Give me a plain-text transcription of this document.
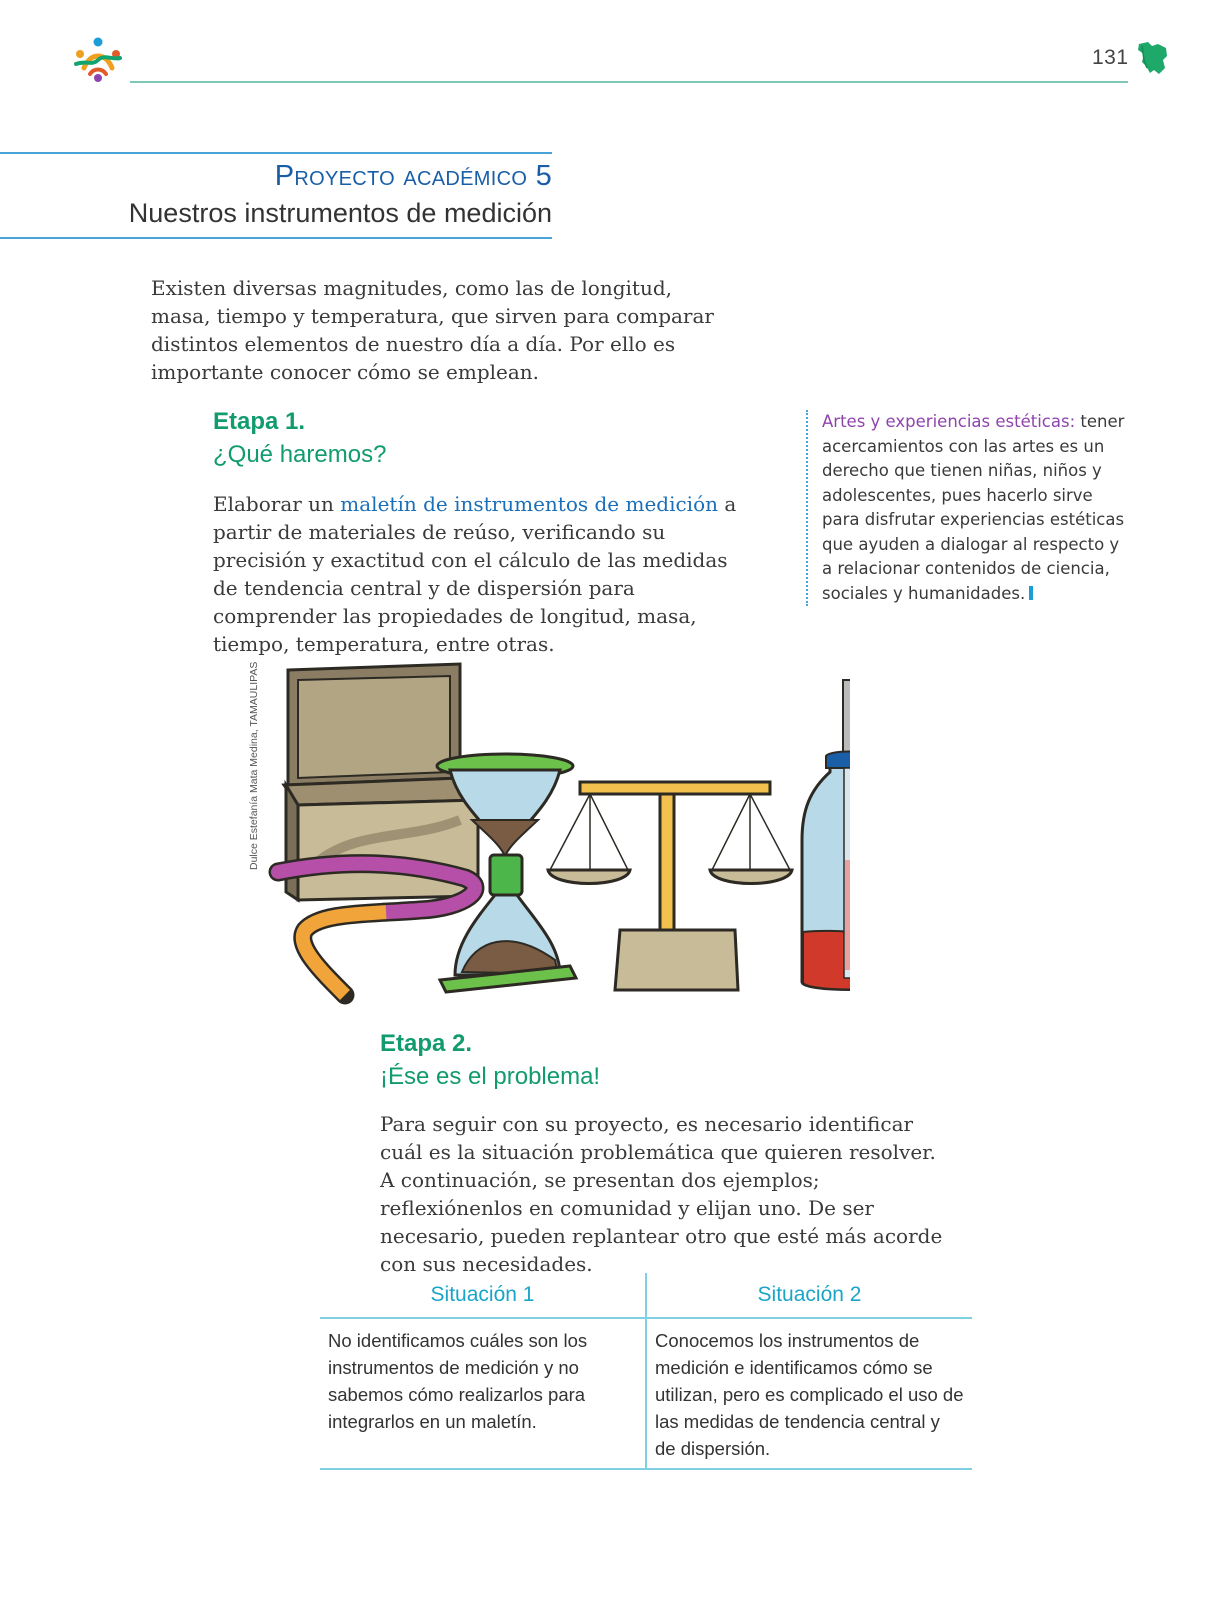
131
Proyecto académico 5
Nuestros instrumentos de medición
Existen diversas magnitudes, como las de longitud, masa, tiempo y temperatura, que sirven para comparar distintos elementos de nuestro día a día. Por ello es importante conocer cómo se emplean.
Etapa 1.
¿Qué haremos?
Elaborar un maletín de instrumentos de medición a partir de materiales de reúso, verificando su precisión y exactitud con el cálculo de las medidas de tendencia central y de dispersión para comprender las propiedades de longitud, masa, tiempo, temperatura, entre otras.
Artes y experiencias estéticas: tener acercamientos con las artes es un derecho que tienen niñas, niños y adolescentes, pues hacerlo sirve para disfrutar experiencias estéticas que ayuden a dialogar al respecto y a relacionar contenidos de ciencia, sociales y humanidades.
Dulce Estefanía Mata Medina, TAMAULIPAS
Etapa 2.
¡Ése es el problema!
Para seguir con su proyecto, es necesario identificar cuál es la situación problemática que quieren resolver. A continuación, se presentan dos ejemplos; reflexiónenlos en comunidad y elijan uno. De ser necesario, pueden replantear otro que esté más acorde con sus necesidades.
Situación 1	Situación 2
No identificamos cuáles son los instrumentos de medición y no sabemos cómo realizarlos para integrarlos en un maletín.	Conocemos los instrumentos de medición e identificamos cómo se utilizan, pero es complicado el uso de las medidas de tendencia central y de dispersión.
